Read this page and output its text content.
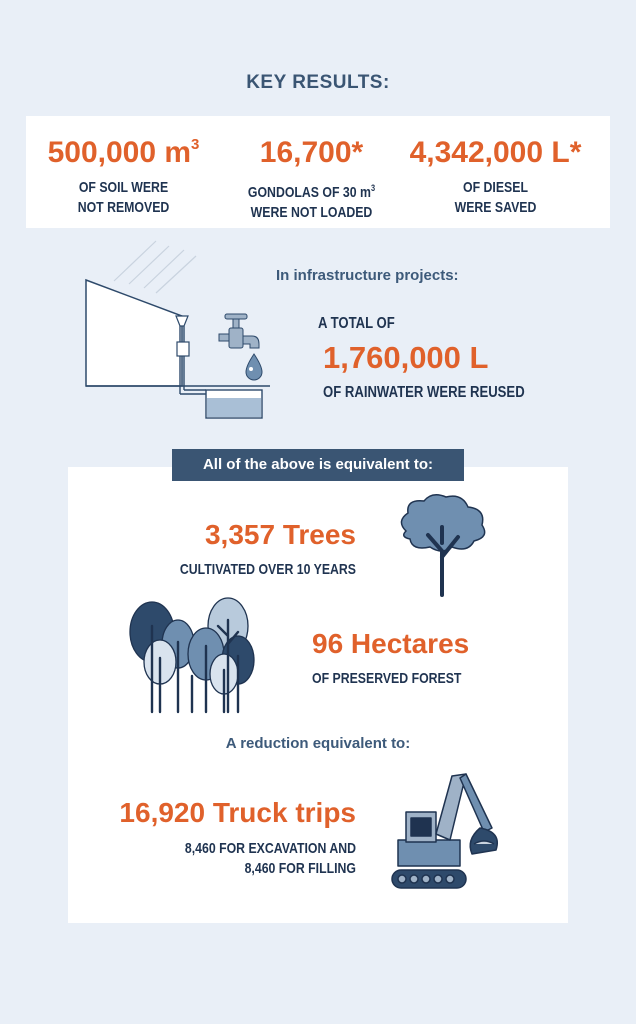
KEY RESULTS:
500,000 $m^3$
OF SOIL WERE
NOT REMOVED
16,700*
GONDOLAS OF 30 $m^3$
WERE NOT LOADED
4,342,000 L*
OF DIESEL
WERE SAVED
In infrastructure projects:
A TOTAL OF
1,760,000 L
OF RAINWATER WERE REUSED
All of the above is equivalent to:
3,357 Trees
CULTIVATED OVER 10 YEARS
96 Hectares
OF PRESERVED FOREST
A reduction equivalent to:
16,920 Truck trips
8,460 FOR EXCAVATION AND
8,460 FOR FILLING
